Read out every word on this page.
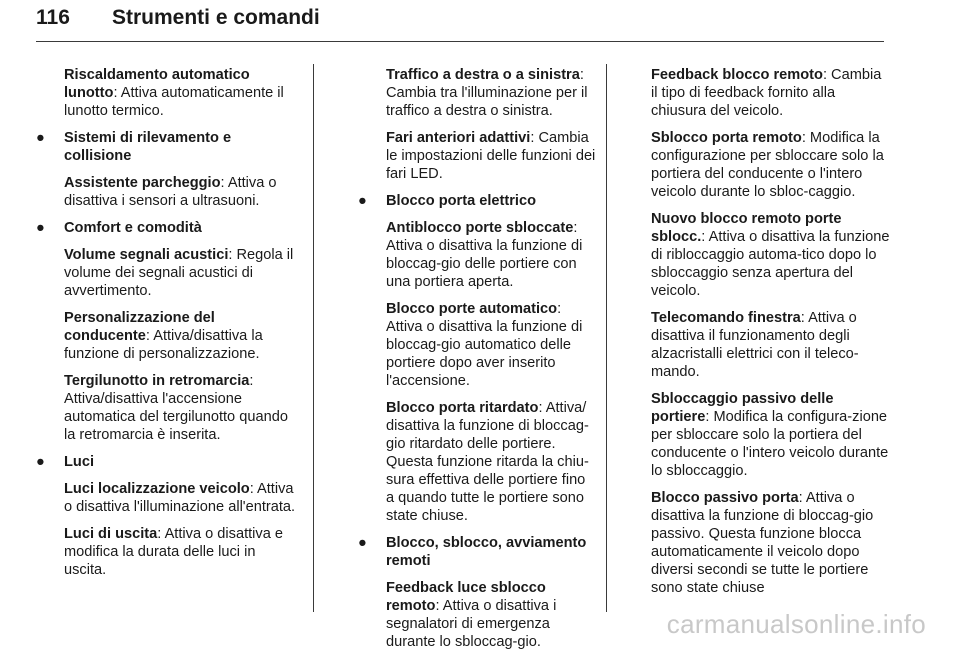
116 Strumenti e comandi
Riscaldamento automatico lunotto: Attiva automaticamente il lunotto termico.
● Sistemi di rilevamento e collisione
Assistente parcheggio: Attiva o disattiva i sensori a ultrasuoni.
● Comfort e comodità
Volume segnali acustici: Regola il volume dei segnali acustici di avvertimento.
Personalizzazione del conducente: Attiva/disattiva la funzione di personalizzazione.
Tergilunotto in retromarcia: Attiva/disattiva l'accensione automatica del tergilunotto quando la retromarcia è inserita.
● Luci
Luci localizzazione veicolo: Attiva o disattiva l'illuminazione all'entrata.
Luci di uscita: Attiva o disattiva e modifica la durata delle luci in uscita.
Traffico a destra o a sinistra: Cambia tra l'illuminazione per il traffico a destra o sinistra.
Fari anteriori adattivi: Cambia le impostazioni delle funzioni dei fari LED.
● Blocco porta elettrico
Antiblocco porte sbloccate: Attiva o disattiva la funzione di bloccag‐gio delle portiere con una portiera aperta.
Blocco porte automatico: Attiva o disattiva la funzione di bloccag‐gio automatico delle portiere dopo aver inserito l'accensione.
Blocco porta ritardato: Attiva/ disattiva la funzione di bloccag‐gio ritardato delle portiere. Questa funzione ritarda la chiu‐sura effettiva delle portiere fino a quando tutte le portiere sono state chiuse.
● Blocco, sblocco, avviamento remoti
Feedback luce sblocco remoto: Attiva o disattiva i segnalatori di emergenza durante lo sbloccag‐gio.
Feedback blocco remoto: Cambia il tipo di feedback fornito alla chiusura del veicolo.
Sblocco porta remoto: Modifica la configurazione per sbloccare solo la portiera del conducente o l'intero veicolo durante lo sbloc‐caggio.
Nuovo blocco remoto porte sblocc.: Attiva o disattiva la funzione di ribloccaggio automa‐tico dopo lo sbloccaggio senza apertura del veicolo.
Telecomando finestra: Attiva o disattiva il funzionamento degli alzacristalli elettrici con il teleco‐mando.
Sbloccaggio passivo delle portiere: Modifica la configura‐zione per sbloccare solo la portiera del conducente o l'intero veicolo durante lo sbloccaggio.
Blocco passivo porta: Attiva o disattiva la funzione di bloccag‐gio passivo. Questa funzione blocca automaticamente il veicolo dopo diversi secondi se tutte le portiere sono state chiuse
carmanualsonline.info
